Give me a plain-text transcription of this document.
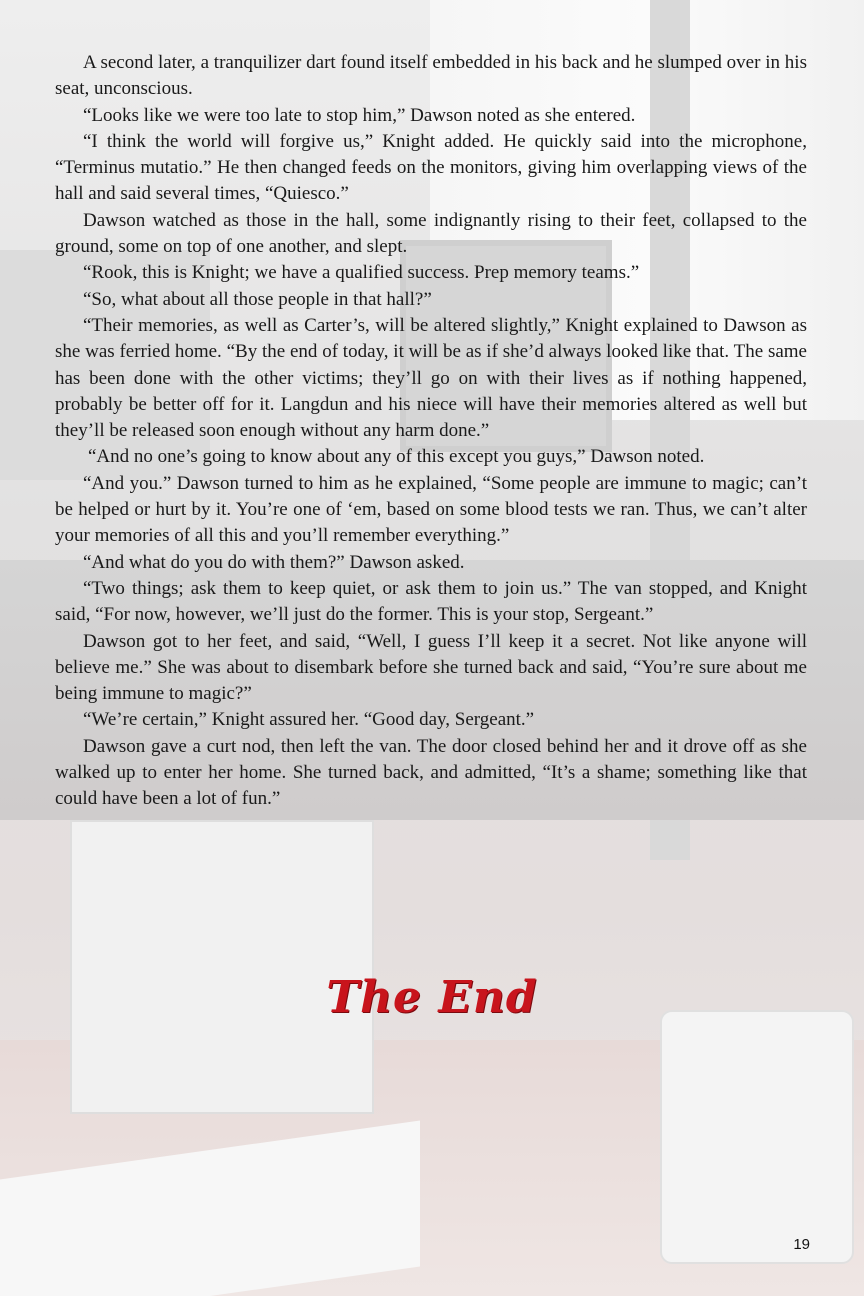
A second later, a tranquilizer dart found itself embedded in his back and he slumped over in his seat, unconscious.

“Looks like we were too late to stop him,” Dawson noted as she entered.

“I think the world will forgive us,” Knight added. He quickly said into the microphone, “Terminus mutatio.” He then changed feeds on the monitors, giving him overlapping views of the hall and said several times, “Quiesco.”

Dawson watched as those in the hall, some indignantly rising to their feet, collapsed to the ground, some on top of one another, and slept.

“Rook, this is Knight; we have a qualified success. Prep memory teams.”

“So, what about all those people in that hall?”

“Their memories, as well as Carter’s, will be altered slightly,” Knight explained to Dawson as she was ferried home. “By the end of today, it will be as if she’d always looked like that. The same has been done with the other victims; they’ll go on with their lives as if nothing happened, probably be better off for it. Langdun and his niece will have their memories altered as well but they’ll be released soon enough without any harm done.”

“And no one’s going to know about any of this except you guys,” Dawson noted.

“And you.” Dawson turned to him as he explained, “Some people are immune to magic; can’t be helped or hurt by it. You’re one of ‘em, based on some blood tests we ran. Thus, we can’t alter your memories of all this and you’ll remember everything.”

“And what do you do with them?” Dawson asked.

“Two things; ask them to keep quiet, or ask them to join us.” The van stopped, and Knight said, “For now, however, we’ll just do the former. This is your stop, Sergeant.”

Dawson got to her feet, and said, “Well, I guess I’ll keep it a secret. Not like anyone will believe me.” She was about to disembark before she turned back and said, “You’re sure about me being immune to magic?”

“We’re certain,” Knight assured her. “Good day, Sergeant.”

Dawson gave a curt nod, then left the van. The door closed behind her and it drove off as she walked up to enter her home. She turned back, and admitted, “It’s a shame; something like that could have been a lot of fun.”

The End
19
